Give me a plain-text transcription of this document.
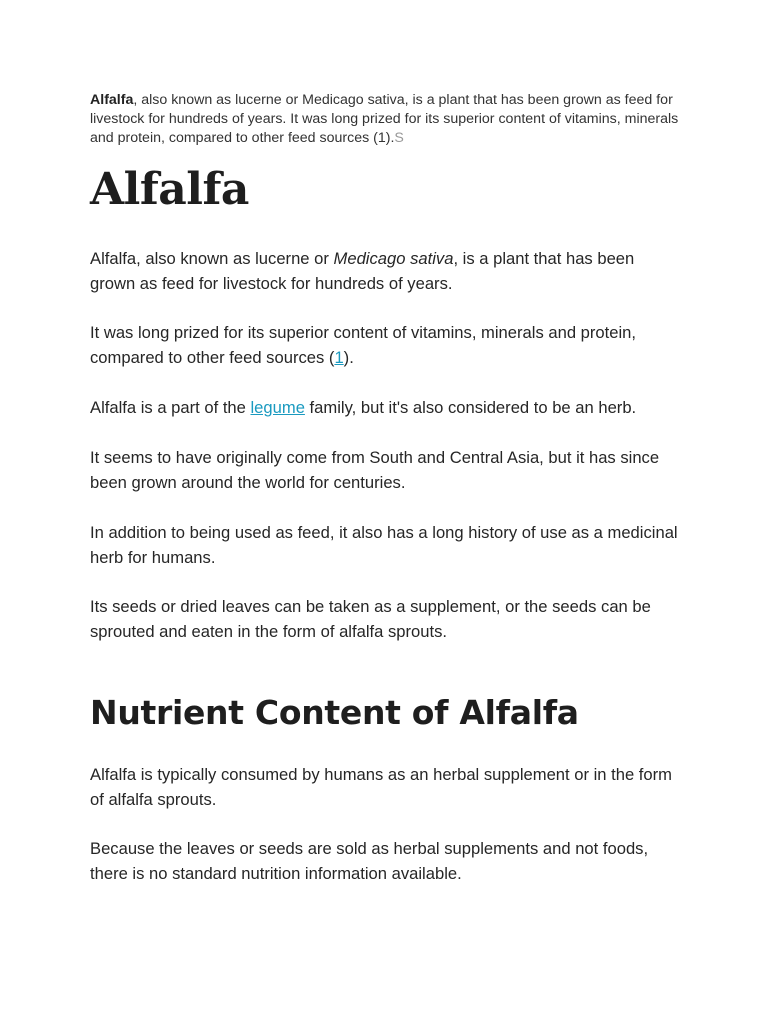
Alfalfa, also known as lucerne or Medicago sativa, is a plant that has been grown as feed for livestock for hundreds of years. It was long prized for its superior content of vitamins, minerals and protein, compared to other feed sources (1).S
Alfalfa

Alfalfa, also known as lucerne or Medicago sativa, is a plant that has been grown as feed for livestock for hundreds of years.

It was long prized for its superior content of vitamins, minerals and protein, compared to other feed sources (1).

Alfalfa is a part of the legume family, but it's also considered to be an herb.

It seems to have originally come from South and Central Asia, but it has since been grown around the world for centuries.

In addition to being used as feed, it also has a long history of use as a medicinal herb for humans.

Its seeds or dried leaves can be taken as a supplement, or the seeds can be sprouted and eaten in the form of alfalfa sprouts.

Nutrient Content of Alfalfa

Alfalfa is typically consumed by humans as an herbal supplement or in the form of alfalfa sprouts.

Because the leaves or seeds are sold as herbal supplements and not foods, there is no standard nutrition information available.
